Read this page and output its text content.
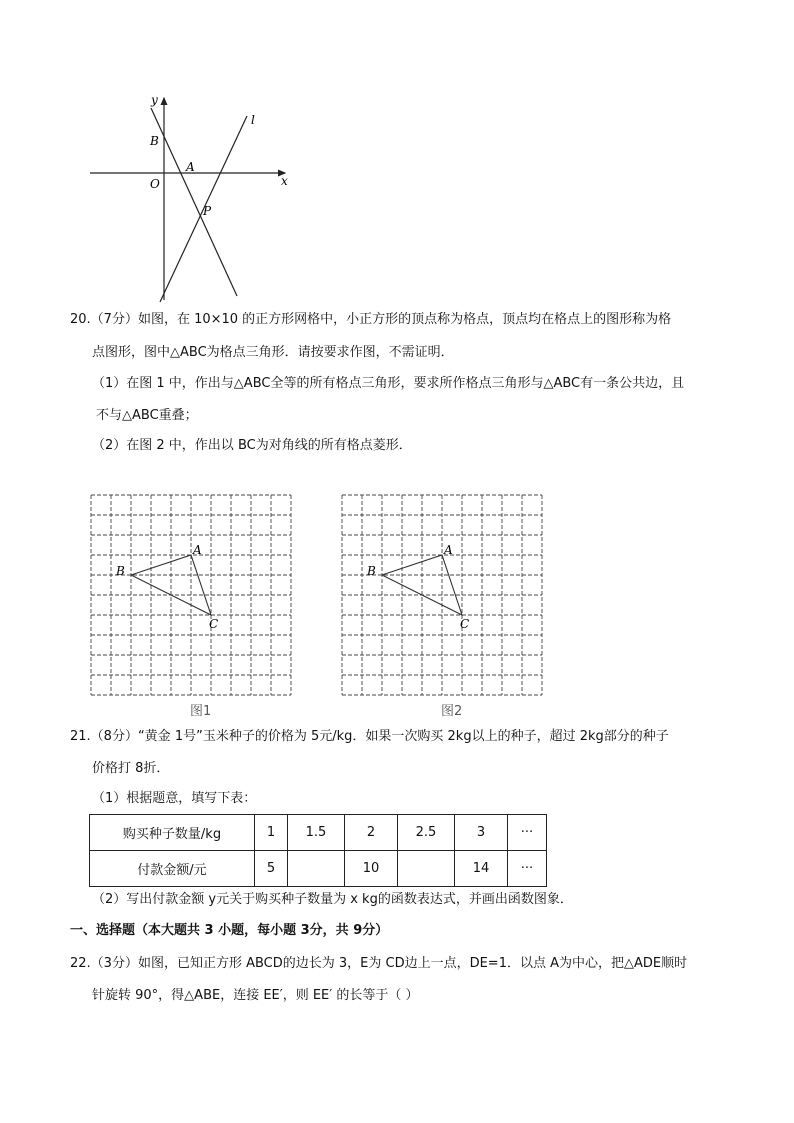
y
x
l
B
A
O
P
20.（7分）如图，在 10×10 的正方形网格中，小正方形的顶点称为格点，顶点均在格点上的图形称为格
点图形，图中△ABC为格点三角形．请按要求作图，不需证明．
（1）在图 1 中，作出与△ABC全等的所有格点三角形，要求所作格点三角形与△ABC有一条公共边，且
不与△ABC重叠；
（2）在图 2 中，作出以 BC为对角线的所有格点菱形．
A
B
C
图1
A
B
C
图2
21.（8分）“黄金 1号”玉米种子的价格为 5元/kg．如果一次购买 2kg以上的种子，超过 2kg部分的种子
价格打 8折．
（1）根据题意，填写下表：
购买种子数量/kg	1	1.5	2	2.5	3	···
付款金额/元	5		10		14	···
（2）写出付款金额 y元关于购买种子数量为 x kg的函数表达式，并画出函数图象．
一、选择题（本大题共 3 小题，每小题 3分，共 9分）
22.（3分）如图，已知正方形 ABCD的边长为 3，E为 CD边上一点，DE=1．以点 A为中心，把△ADE顺时
针旋转 90°，得△ABE，连接 EE′，则 EE′ 的长等于（ ）
